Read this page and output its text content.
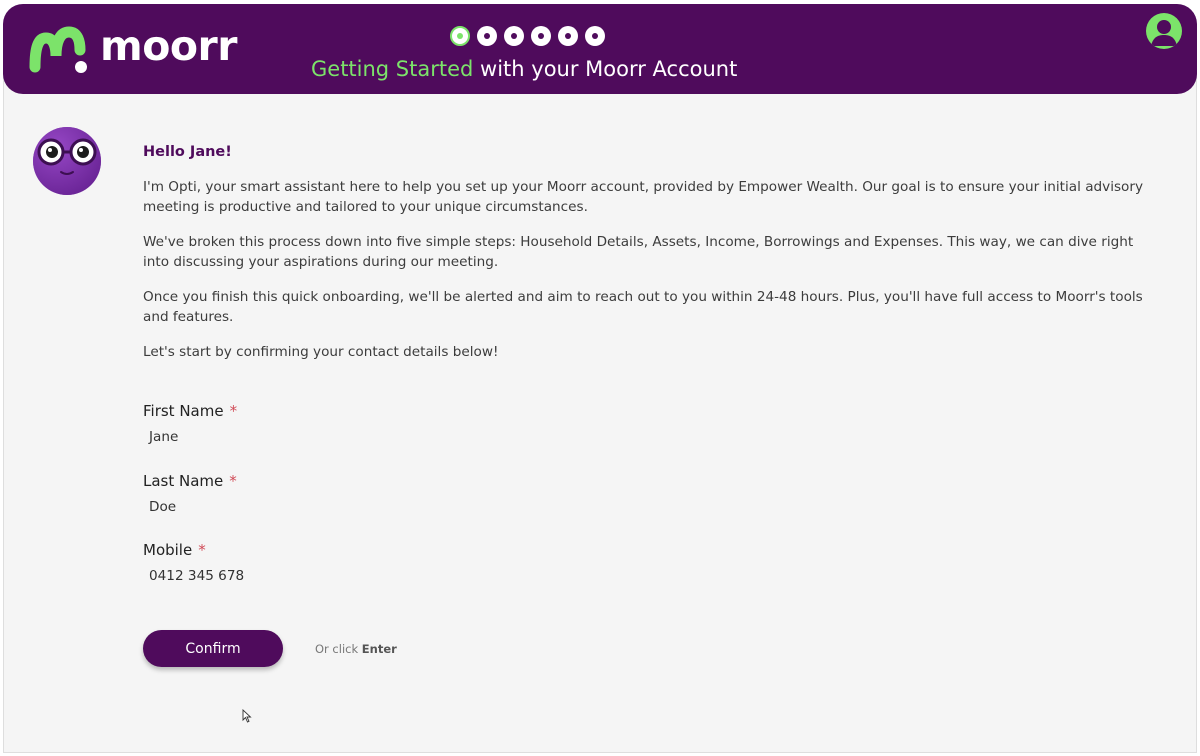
moorr	Getting Started with your Moorr Account
Hello Jane!

I'm Opti, your smart assistant here to help you set up your Moorr account, provided by Empower Wealth. Our goal is to ensure your initial advisory meeting is productive and tailored to your unique circumstances.

We've broken this process down into five simple steps: Household Details, Assets, Income, Borrowings and Expenses. This way, we can dive right into discussing your aspirations during our meeting.

Once you finish this quick onboarding, we'll be alerted and aim to reach out to you within 24-48 hours. Plus, you'll have full access to Moorr's tools and features.

Let's start by confirming your contact details below!

First Name *
Jane
Last Name *
Doe
Mobile *
0412 345 678
Confirm	Or click Enter
